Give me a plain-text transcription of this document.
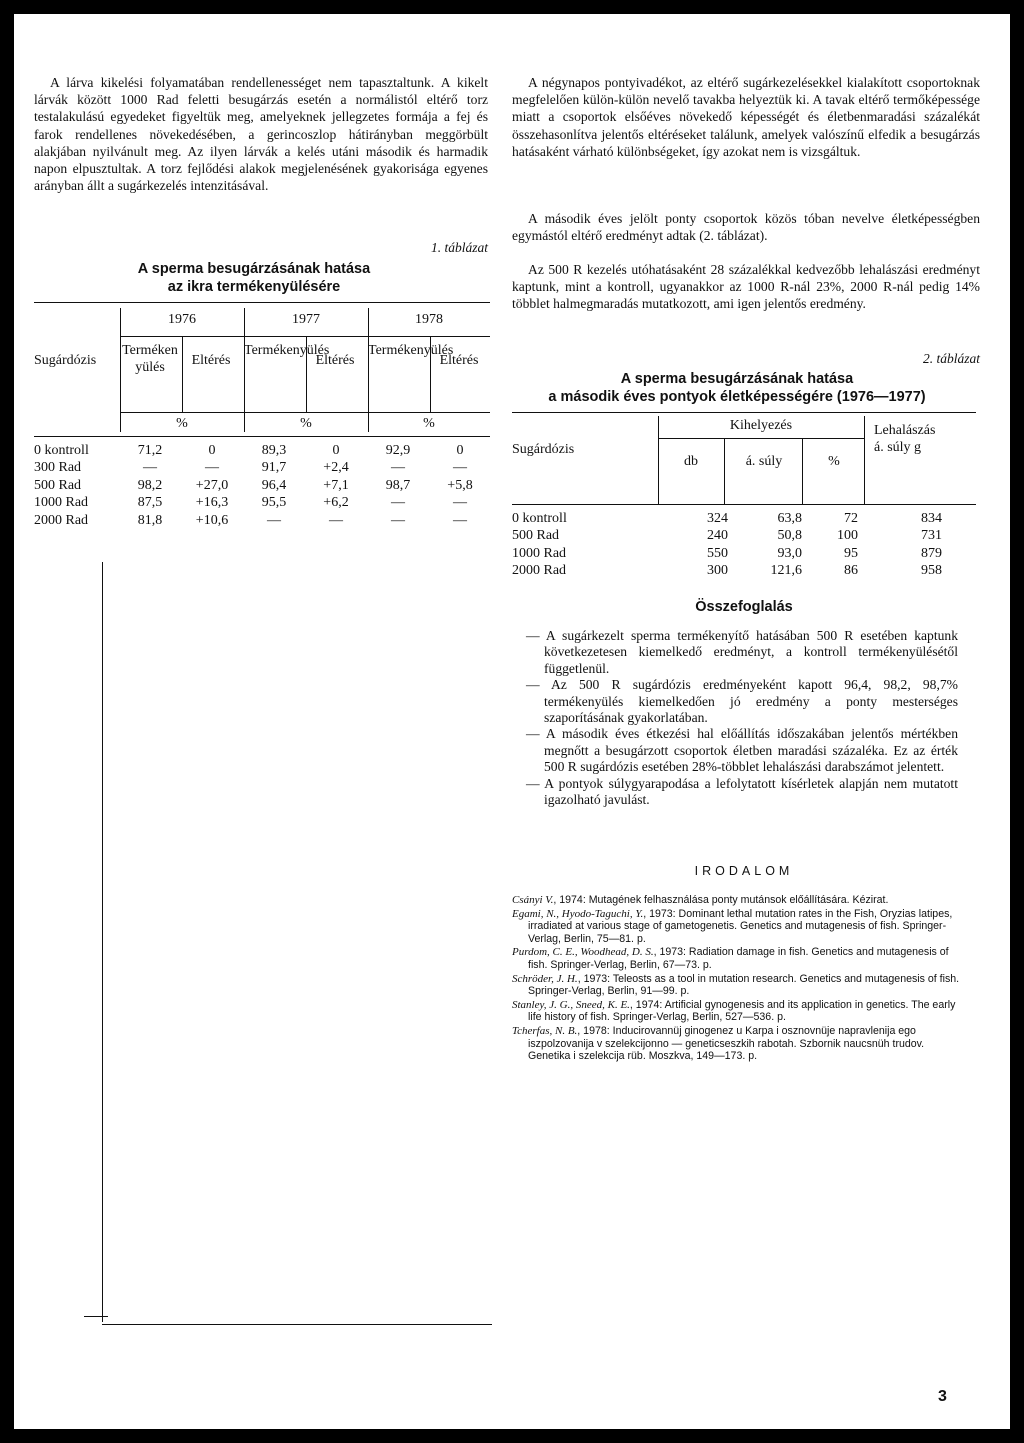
A lárva kikelési folyamatában rendellenességet nem tapasztaltunk. A kikelt lárvák között 1000 Rad feletti besugárzás esetén a normálistól eltérő torz testalakulású egyedeket figyeltük meg, amelyeknek jellegzetes formája a fej és farok rendellenes növekedésében, a gerincoszlop hátirányban meggörbült alakjában nyilvánult meg. Az ilyen lárvák a kelés utáni második és harmadik napon elpusztultak. A torz fejlődési alakok megjelenésének gyakorisága egyenes arányban állt a sugárkezelés intenzitásával.
1. táblázat
A sperma besugárzásának hatása
az ikra termékenyülésére
1976	1977	1978
Sugárdózis
Termékenyülés	Eltérés
Termékenyülés
Eltérés
Termékenyülés
Eltérés
%	%	%
0 kontroll	71,2	0	89,3	0	92,9	0
300 Rad	—	—	91,7	+2,4	—	—
500 Rad	98,2	+27,0	96,4	+7,1	98,7	+5,8
1000 Rad	87,5	+16,3	95,5	+6,2	—	—
2000 Rad	81,8	+10,6	—	—	—	—
A négynapos pontyivadékot, az eltérő sugárkezelésekkel kialakított csoportoknak megfelelően külön-külön nevelő tavakba helyeztük ki. A tavak eltérő termőképessége miatt a csoportok elsőéves növekedő képességét és életbenmaradási százalékát összehasonlítva jelentős eltéréseket találunk, amelyek valószínű elfedik a besugárzás hatásaként várható különbségeket, így azokat nem is vizsgáltuk.
A második éves jelölt ponty csoportok közös tóban nevelve életképességben egymástól eltérő eredményt adtak (2. táblázat).
Az 500 R kezelés utóhatásaként 28 százalékkal kedvezőbb lehalászási eredményt kaptunk, mint a kontroll, ugyanakkor az 1000 R-nál 23%, 2000 R-nál pedig 14% többlet halmegmaradás mutatkozott, ami igen jelentős eredmény.
2. táblázat
A sperma besugárzásának hatása
a második éves pontyok életképességére (1976—1977)
Sugárdózis
Kihelyezés
db	á. súly	%
Lehalászás á. súly g
0 kontroll	324	63,8	72	834
500 Rad	240	50,8	100	731
1000 Rad	550	93,0	95	879
2000 Rad	300	121,6	86	958
Összefoglalás

— A sugárkezelt sperma termékenyítő hatásában 500 R esetében kaptunk következetesen kiemelkedő eredményt, a kontroll termékenyülésétől függetlenül.

— Az 500 R sugárdózis eredményeként kapott 96,4, 98,2, 98,7% termékenyülés kiemelkedően jó eredmény a ponty mesterséges szaporításának gyakorlatában.

— A második éves étkezési hal előállítás időszakában jelentős mértékben megnőtt a besugárzott csoportok életben maradási százaléka. Ez az érték 500 R sugárdózis esetében 28%-többlet lehalászási darabszámot jelentett.

— A pontyok súlygyarapodása a lefolytatott kísérletek alapján nem mutatott igazolható javulást.

IRODALOM

Csányi V., 1974: Mutagének felhasználása ponty mutánsok előállítására. Kézirat.

Egami, N., Hyodo-Taguchi, Y., 1973: Dominant lethal mutation rates in the Fish, Oryzias latipes, irradiated at various stage of gametogenetis. Genetics and mutagenesis of fish. Springer-Verlag, Berlin, 75—81. p.

Purdom, C. E., Woodhead, D. S., 1973: Radiation damage in fish. Genetics and mutagenesis of fish. Springer-Verlag, Berlin, 67—73. p.

Schröder, J. H., 1973: Teleosts as a tool in mutation research. Genetics and mutagenesis of fish. Springer-Verlag, Berlin, 91—99. p.

Stanley, J. G., Sneed, K. E., 1974: Artificial gynogenesis and its application in genetics. The early life history of fish. Springer-Verlag, Berlin, 527—536. p.

Tcherfas, N. B., 1978: Inducirovannüj ginogenez u Karpa i osznovnüje napravlenija ego iszpolzovanija v szelekcijonno — geneticseszkih rabotah. Szbornik naucsnüh trudov. Genetika i szelekcija rüb. Moszkva, 149—173. p.

3
